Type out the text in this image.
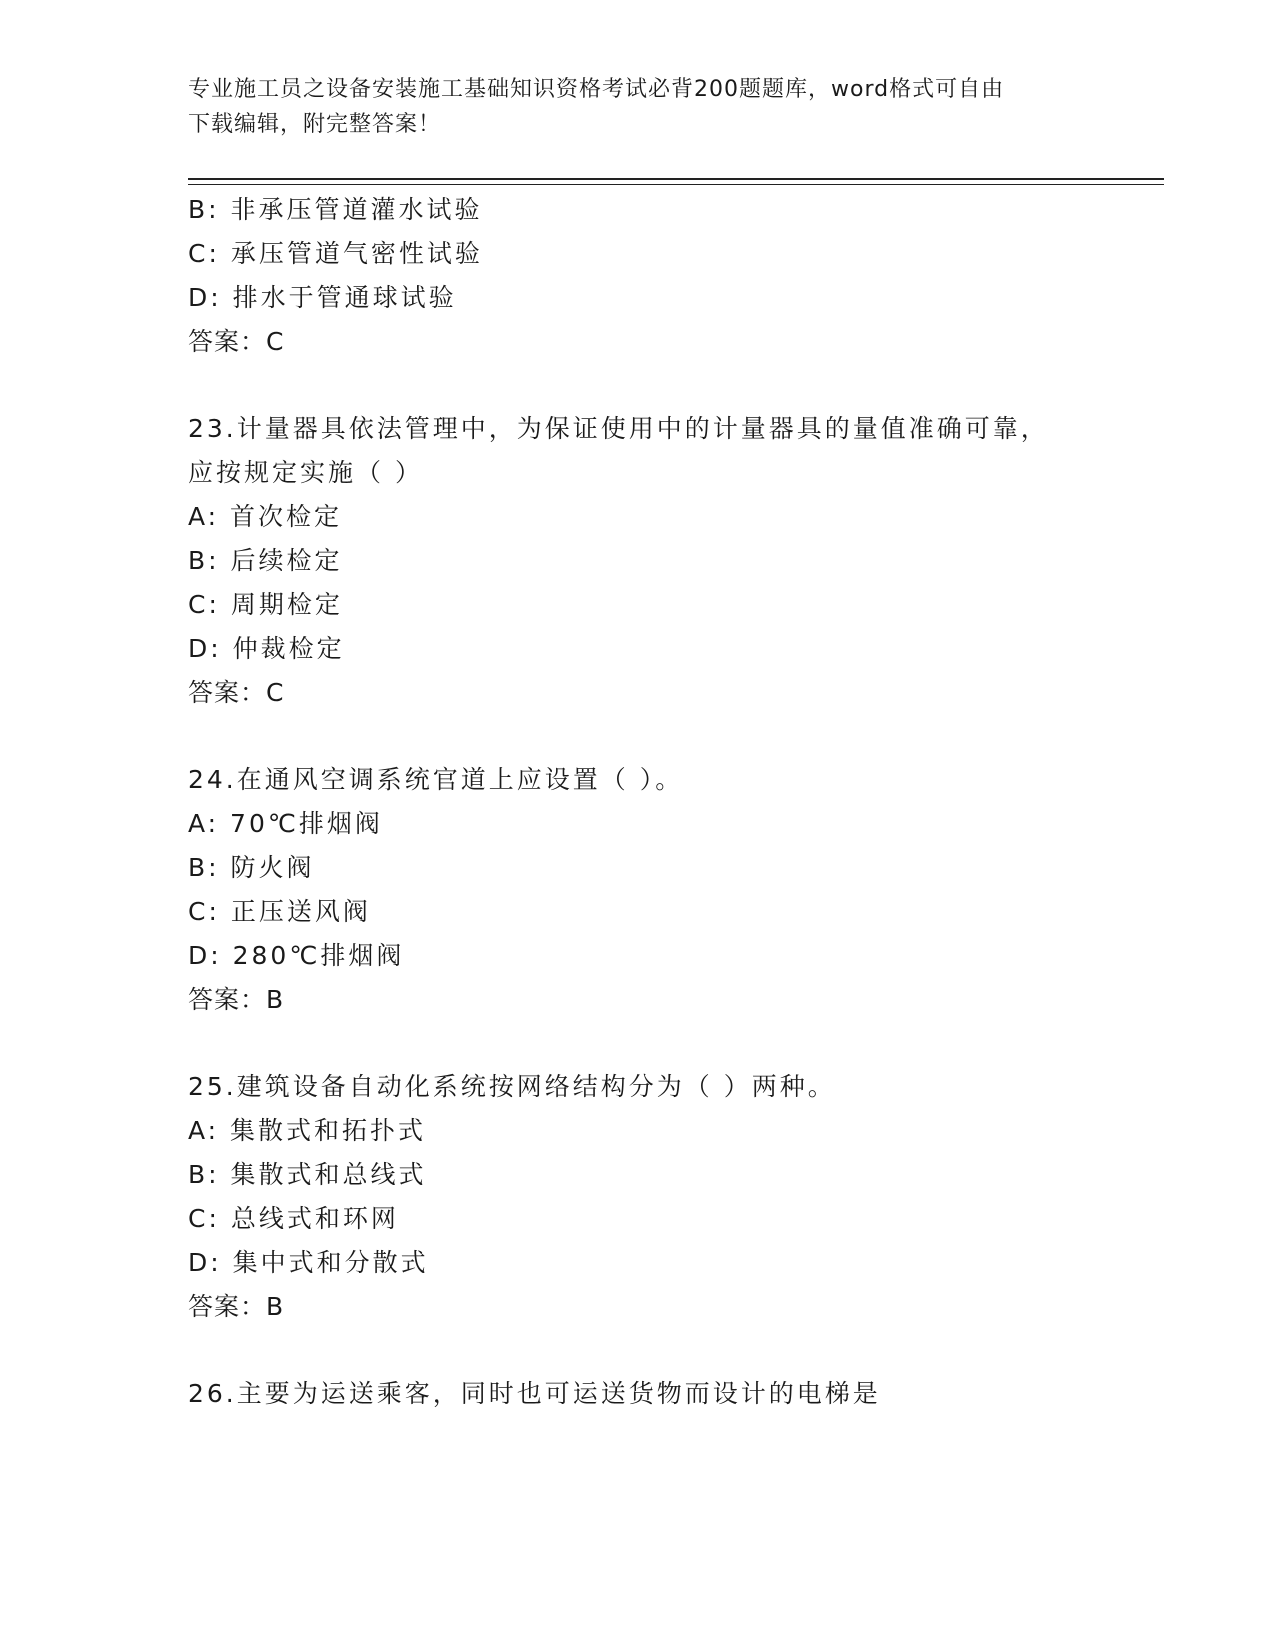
专业施工员之设备安装施工基础知识资格考试必背200题题库，word格式可自由
下载编辑，附完整答案！
B: 非承压管道灌水试验
C: 承压管道气密性试验
D: 排水于管通球试验
答案：C
23.计量器具依法管理中，为保证使用中的计量器具的量值准确可靠，
应按规定实施（ ）
A: 首次检定
B: 后续检定
C: 周期检定
D: 仲裁检定
答案：C
24.在通风空调系统官道上应设置（ ）。
A: 70℃排烟阀
B: 防火阀
C: 正压送风阀
D: 280℃排烟阀
答案：B
25.建筑设备自动化系统按网络结构分为（ ）两种。
A: 集散式和拓扑式
B: 集散式和总线式
C: 总线式和环网
D: 集中式和分散式
答案：B
26.主要为运送乘客，同时也可运送货物而设计的电梯是
